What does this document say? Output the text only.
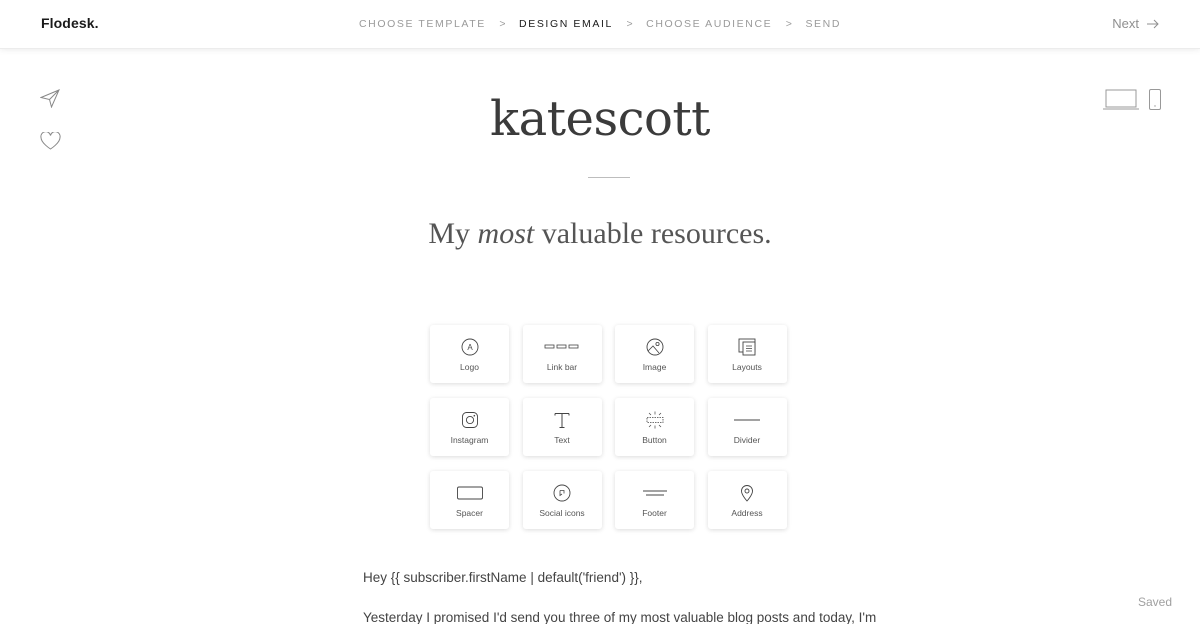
Flodesk.	CHOOSE TEMPLATE > DESIGN EMAIL > CHOOSE AUDIENCE > SEND	Next
katescott
My most valuable resources.
A
Logo	Link bar	Image	Layouts
Instagram	Text	Button	Divider
Spacer	Social icons	Footer	Address

Hey {{ subscriber.firstName | default('friend') }},

Yesterday I promised I'd send you three of my most valuable blog posts and today, I'm

Saved
